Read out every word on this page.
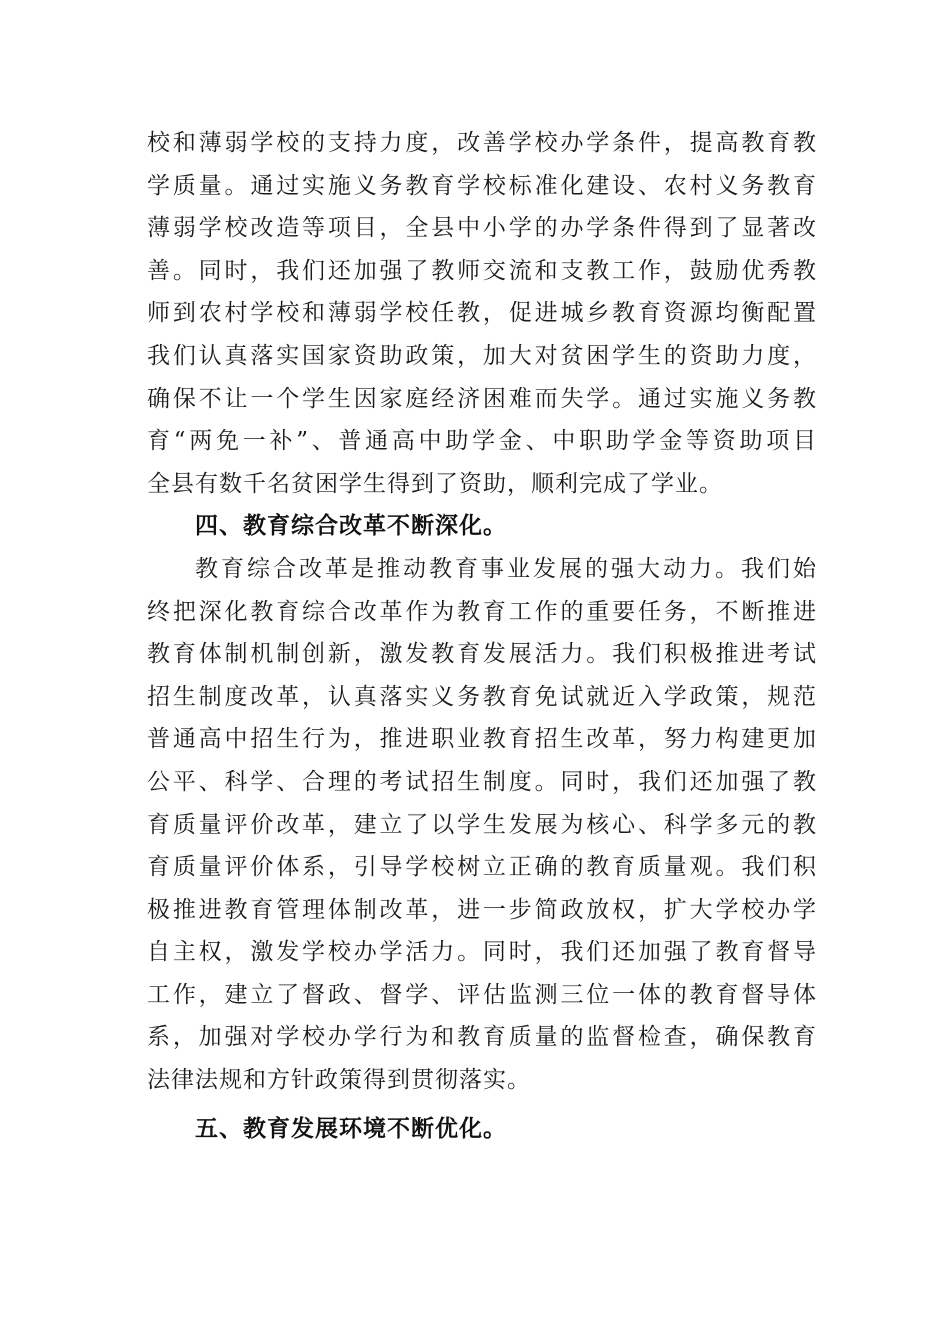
校和薄弱学校的支持力度，改善学校办学条件，提高教育教
学质量。通过实施义务教育学校标准化建设、农村义务教育
薄弱学校改造等项目，全县中小学的办学条件得到了显著改
善。同时，我们还加强了教师交流和支教工作，鼓励优秀教
师到农村学校和薄弱学校任教，促进城乡教育资源均衡配置
我们认真落实国家资助政策，加大对贫困学生的资助力度，
确保不让一个学生因家庭经济困难而失学。通过实施义务教
育“两免一补”、普通高中助学金、中职助学金等资助项目
全县有数千名贫困学生得到了资助，顺利完成了学业。
四、教育综合改革不断深化。
教育综合改革是推动教育事业发展的强大动力。我们始
终把深化教育综合改革作为教育工作的重要任务，不断推进
教育体制机制创新，激发教育发展活力。我们积极推进考试
招生制度改革，认真落实义务教育免试就近入学政策，规范
普通高中招生行为，推进职业教育招生改革，努力构建更加
公平、科学、合理的考试招生制度。同时，我们还加强了教
育质量评价改革，建立了以学生发展为核心、科学多元的教
育质量评价体系，引导学校树立正确的教育质量观。我们积
极推进教育管理体制改革，进一步简政放权，扩大学校办学
自主权，激发学校办学活力。同时，我们还加强了教育督导
工作，建立了督政、督学、评估监测三位一体的教育督导体
系，加强对学校办学行为和教育质量的监督检查，确保教育
法律法规和方针政策得到贯彻落实。
五、教育发展环境不断优化。
